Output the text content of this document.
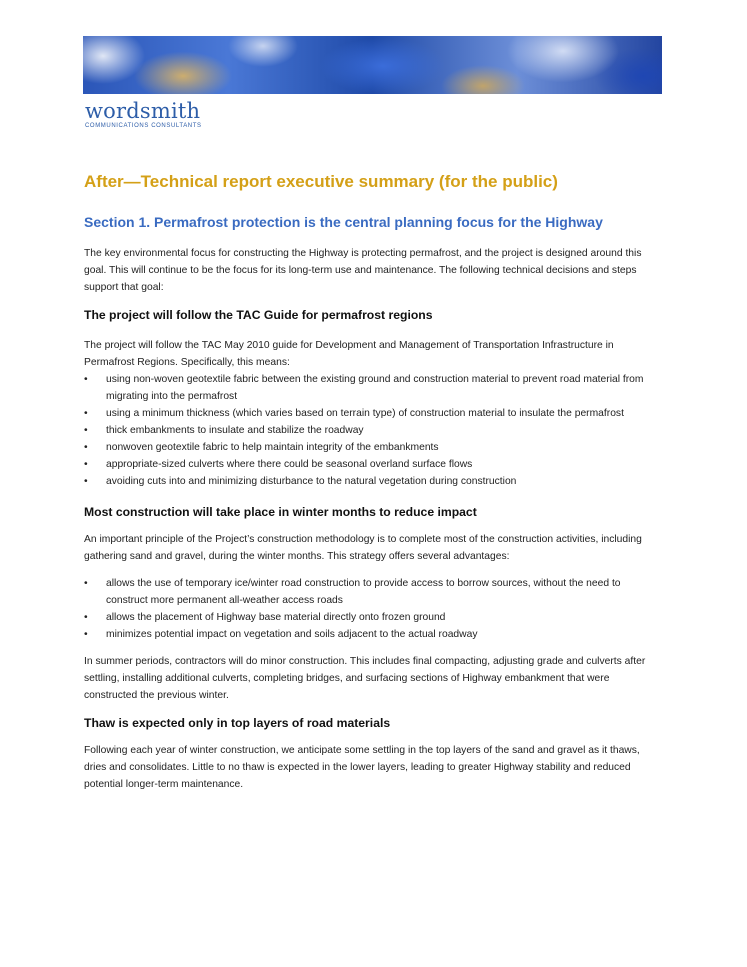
wordsmith
COMMUNICATIONS CONSULTANTS
After—Technical report executive summary (for the public)
Section 1. Permafrost protection is the central planning focus for the Highway

The key environmental focus for constructing the Highway is protecting permafrost, and the project is designed around this goal. This will continue to be the focus for its long-term use and maintenance. The following technical decisions and steps support that goal:

The project will follow the TAC Guide for permafrost regions

The project will follow the TAC May 2010 guide for Development and Management of Transportation Infrastructure in Permafrost Regions. Specifically, this means:

•	using non-woven geotextile fabric between the existing ground and construction material to prevent road material from migrating into the permafrost
•	using a minimum thickness (which varies based on terrain type) of construction material to insulate the permafrost
•	thick embankments to insulate and stabilize the roadway
•	nonwoven geotextile fabric to help maintain integrity of the embankments
•	appropriate-sized culverts where there could be seasonal overland surface flows
•	avoiding cuts into and minimizing disturbance to the natural vegetation during construction
Most construction will take place in winter months to reduce impact

An important principle of the Project’s construction methodology is to complete most of the construction activities, including gathering sand and gravel, during the winter months. This strategy offers several advantages:

•	allows the use of temporary ice/winter road construction to provide access to borrow sources, without the need to construct more permanent all-weather access roads
•	allows the placement of Highway base material directly onto frozen ground
•	minimizes potential impact on vegetation and soils adjacent to the actual roadway

In summer periods, contractors will do minor construction. This includes final compacting, adjusting grade and culverts after settling, installing additional culverts, completing bridges, and surfacing sections of Highway embankment that were constructed the previous winter.

Thaw is expected only in top layers of road materials

Following each year of winter construction, we anticipate some settling in the top layers of the sand and gravel as it thaws, dries and consolidates. Little to no thaw is expected in the lower layers, leading to greater Highway stability and reduced potential longer-term maintenance.
